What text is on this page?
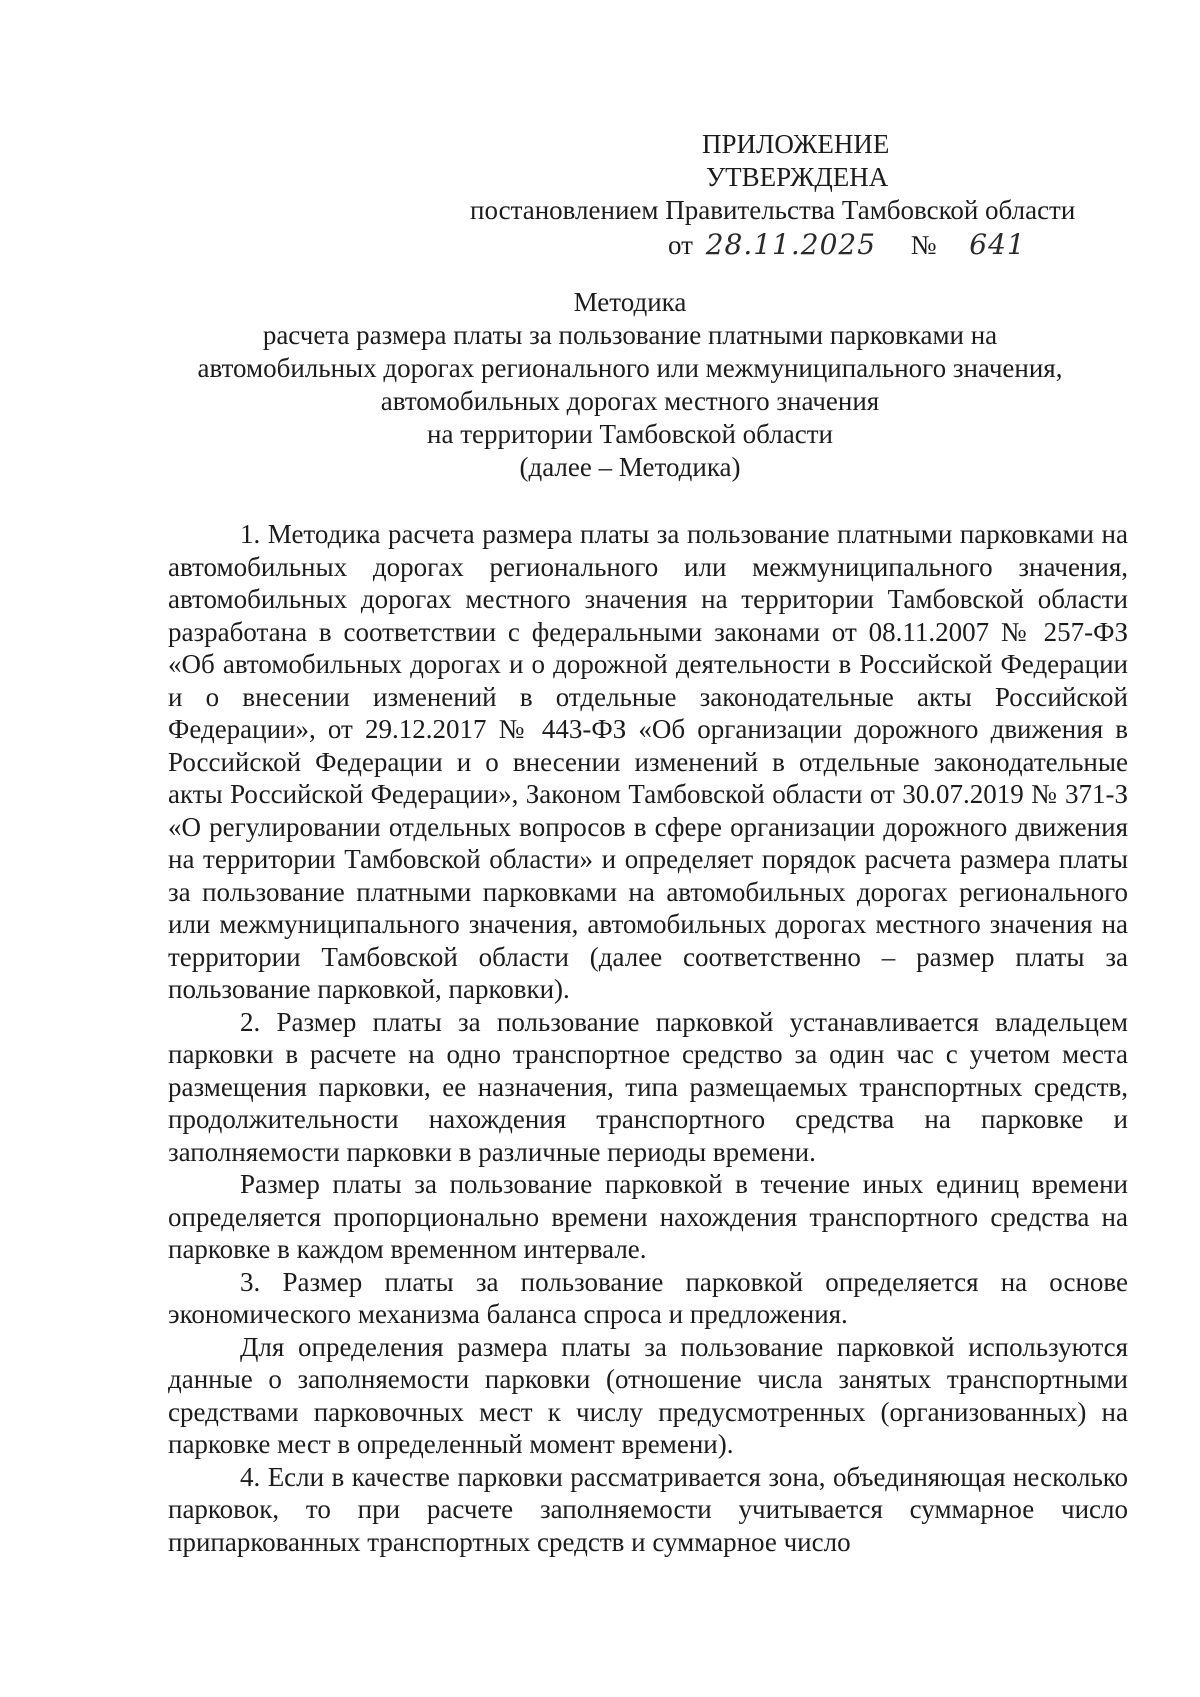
ПРИЛОЖЕНИЕ
УТВЕРЖДЕНА
постановлением Правительства Тамбовской области
от 28.11.2025 № 641
Методика
расчета размера платы за пользование платными парковками на
автомобильных дорогах регионального или межмуниципального значения,
автомобильных дорогах местного значения
на территории Тамбовской области
(далее – Методика)

1. Методика расчета размера платы за пользование платными парковками на автомобильных дорогах регионального или межмуниципального значения, автомобильных дорогах местного значения на территории Тамбовской области разработана в соответствии с федеральными законами от 08.11.2007 № 257-ФЗ «Об автомобильных дорогах и о дорожной деятельности в Российской Федерации и о внесении изменений в отдельные законодательные акты Российской Федерации», от 29.12.2017 № 443-ФЗ «Об организации дорожного движения в Российской Федерации и о внесении изменений в отдельные законодательные акты Российской Федерации», Законом Тамбовской области от 30.07.2019 № 371-З «О регулировании отдельных вопросов в сфере организации дорожного движения на территории Тамбовской области» и определяет порядок расчета размера платы за пользование платными парковками на автомобильных дорогах регионального или межмуниципального значения, автомобильных дорогах местного значения на территории Тамбовской области (далее соответственно – размер платы за пользование парковкой, парковки).

2. Размер платы за пользование парковкой устанавливается владельцем парковки в расчете на одно транспортное средство за один час с учетом места размещения парковки, ее назначения, типа размещаемых транспортных средств, продолжительности нахождения транспортного средства на парковке и заполняемости парковки в различные периоды времени.

Размер платы за пользование парковкой в течение иных единиц времени определяется пропорционально времени нахождения транспортного средства на парковке в каждом временном интервале.

3. Размер платы за пользование парковкой определяется на основе экономического механизма баланса спроса и предложения.

Для определения размера платы за пользование парковкой используются данные о заполняемости парковки (отношение числа занятых транспортными средствами парковочных мест к числу предусмотренных (организованных) на парковке мест в определенный момент времени).

4. Если в качестве парковки рассматривается зона, объединяющая несколько парковок, то при расчете заполняемости учитывается суммарное число припаркованных транспортных средств и суммарное число
